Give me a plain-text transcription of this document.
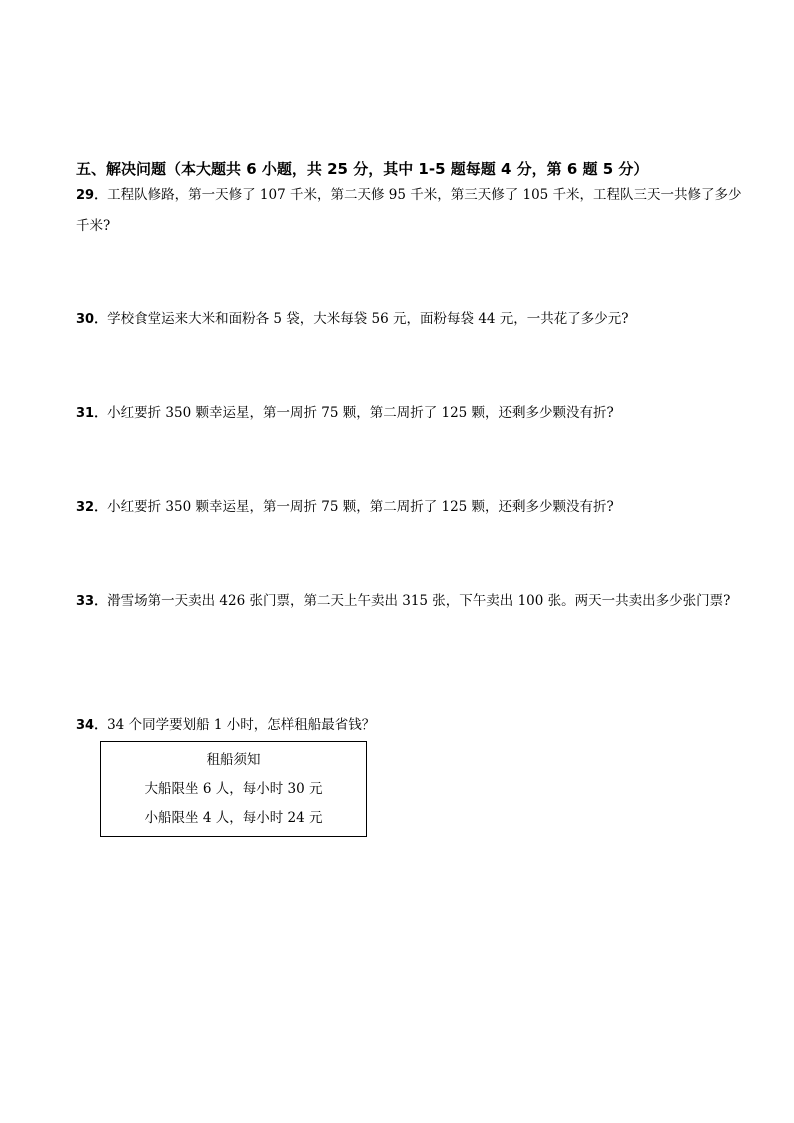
五、解决问题（本大题共 6 小题，共 25 分，其中 1-5 题每题 4 分，第 6 题 5 分）
29．工程队修路，第一天修了 107 千米，第二天修 95 千米，第三天修了 105 千米，工程队三天一共修了多少千米?
30．学校食堂运来大米和面粉各 5 袋，大米每袋 56 元，面粉每袋 44 元，一共花了多少元?
31．小红要折 350 颗幸运星，第一周折 75 颗，第二周折了 125 颗，还剩多少颗没有折?
32．小红要折 350 颗幸运星，第一周折 75 颗，第二周折了 125 颗，还剩多少颗没有折?
33．滑雪场第一天卖出 426 张门票，第二天上午卖出 315 张，下午卖出 100 张。两天一共卖出多少张门票?
34．34 个同学要划船 1 小时，怎样租船最省钱？
租船须知
大船限坐 6 人，每小时 30 元
小船限坐 4 人，每小时 24 元
